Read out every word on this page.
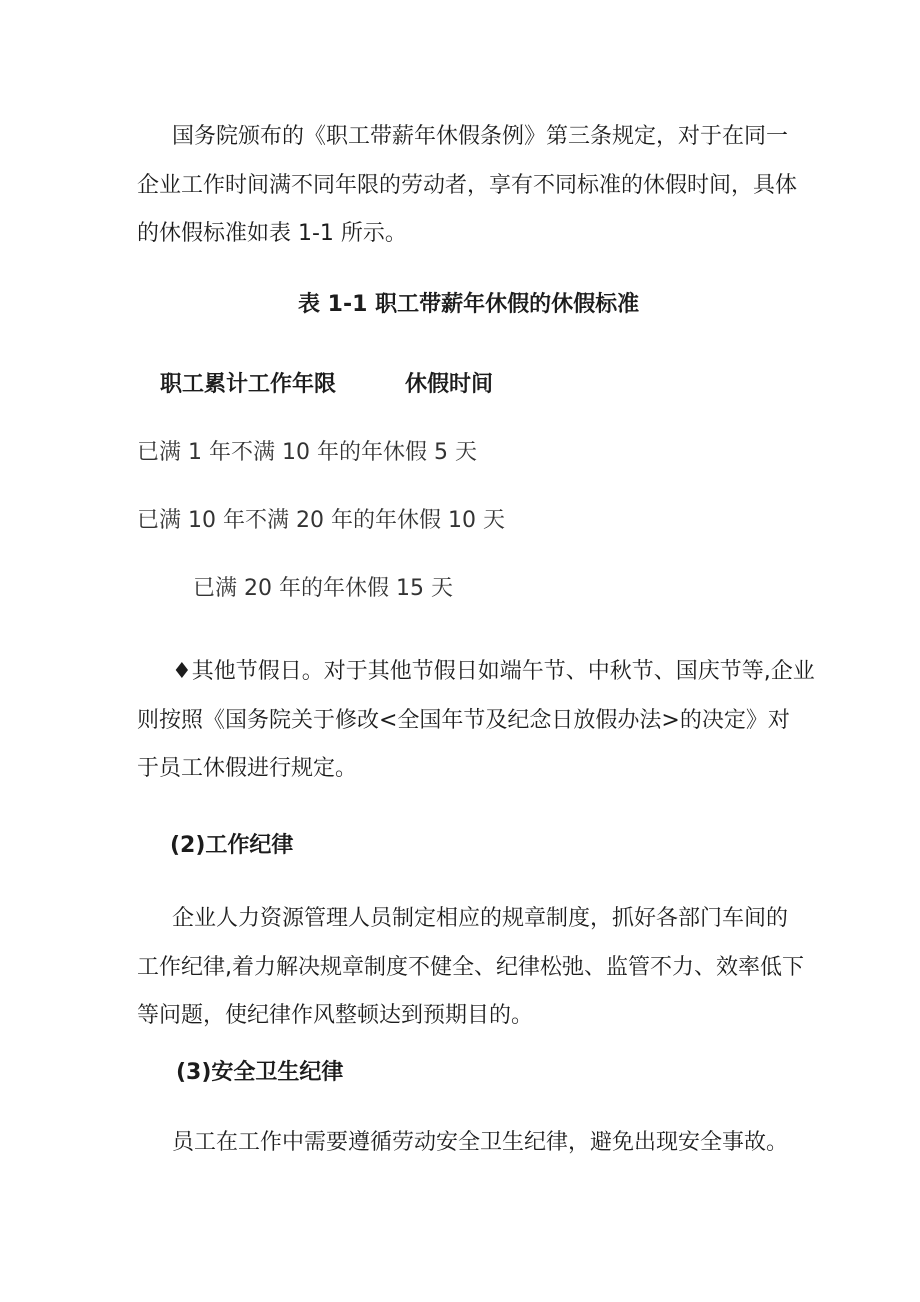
国务院颁布的《职工带薪年休假条例》第三条规定，对于在同一
企业工作时间满不同年限的劳动者，享有不同标准的休假时间，具体
的休假标准如表 1-1 所示。
表 1-1 职工带薪年休假的休假标准
职工累计工作年限	休假时间
已满 1 年不满 10 年的年休假 5 天
已满 10 年不满 20 年的年休假 10 天
已满 20 年的年休假 15 天
♦其他节假日。对于其他节假日如端午节、中秋节、国庆节等,企业
则按照《国务院关于修改<全国年节及纪念日放假办法>的决定》对
于员工休假进行规定。
(2)工作纪律
企业人力资源管理人员制定相应的规章制度，抓好各部门车间的
工作纪律,着力解决规章制度不健全、纪律松弛、监管不力、效率低下
等问题，使纪律作风整顿达到预期目的。
(3)安全卫生纪律
员工在工作中需要遵循劳动安全卫生纪律，避免出现安全事故。
